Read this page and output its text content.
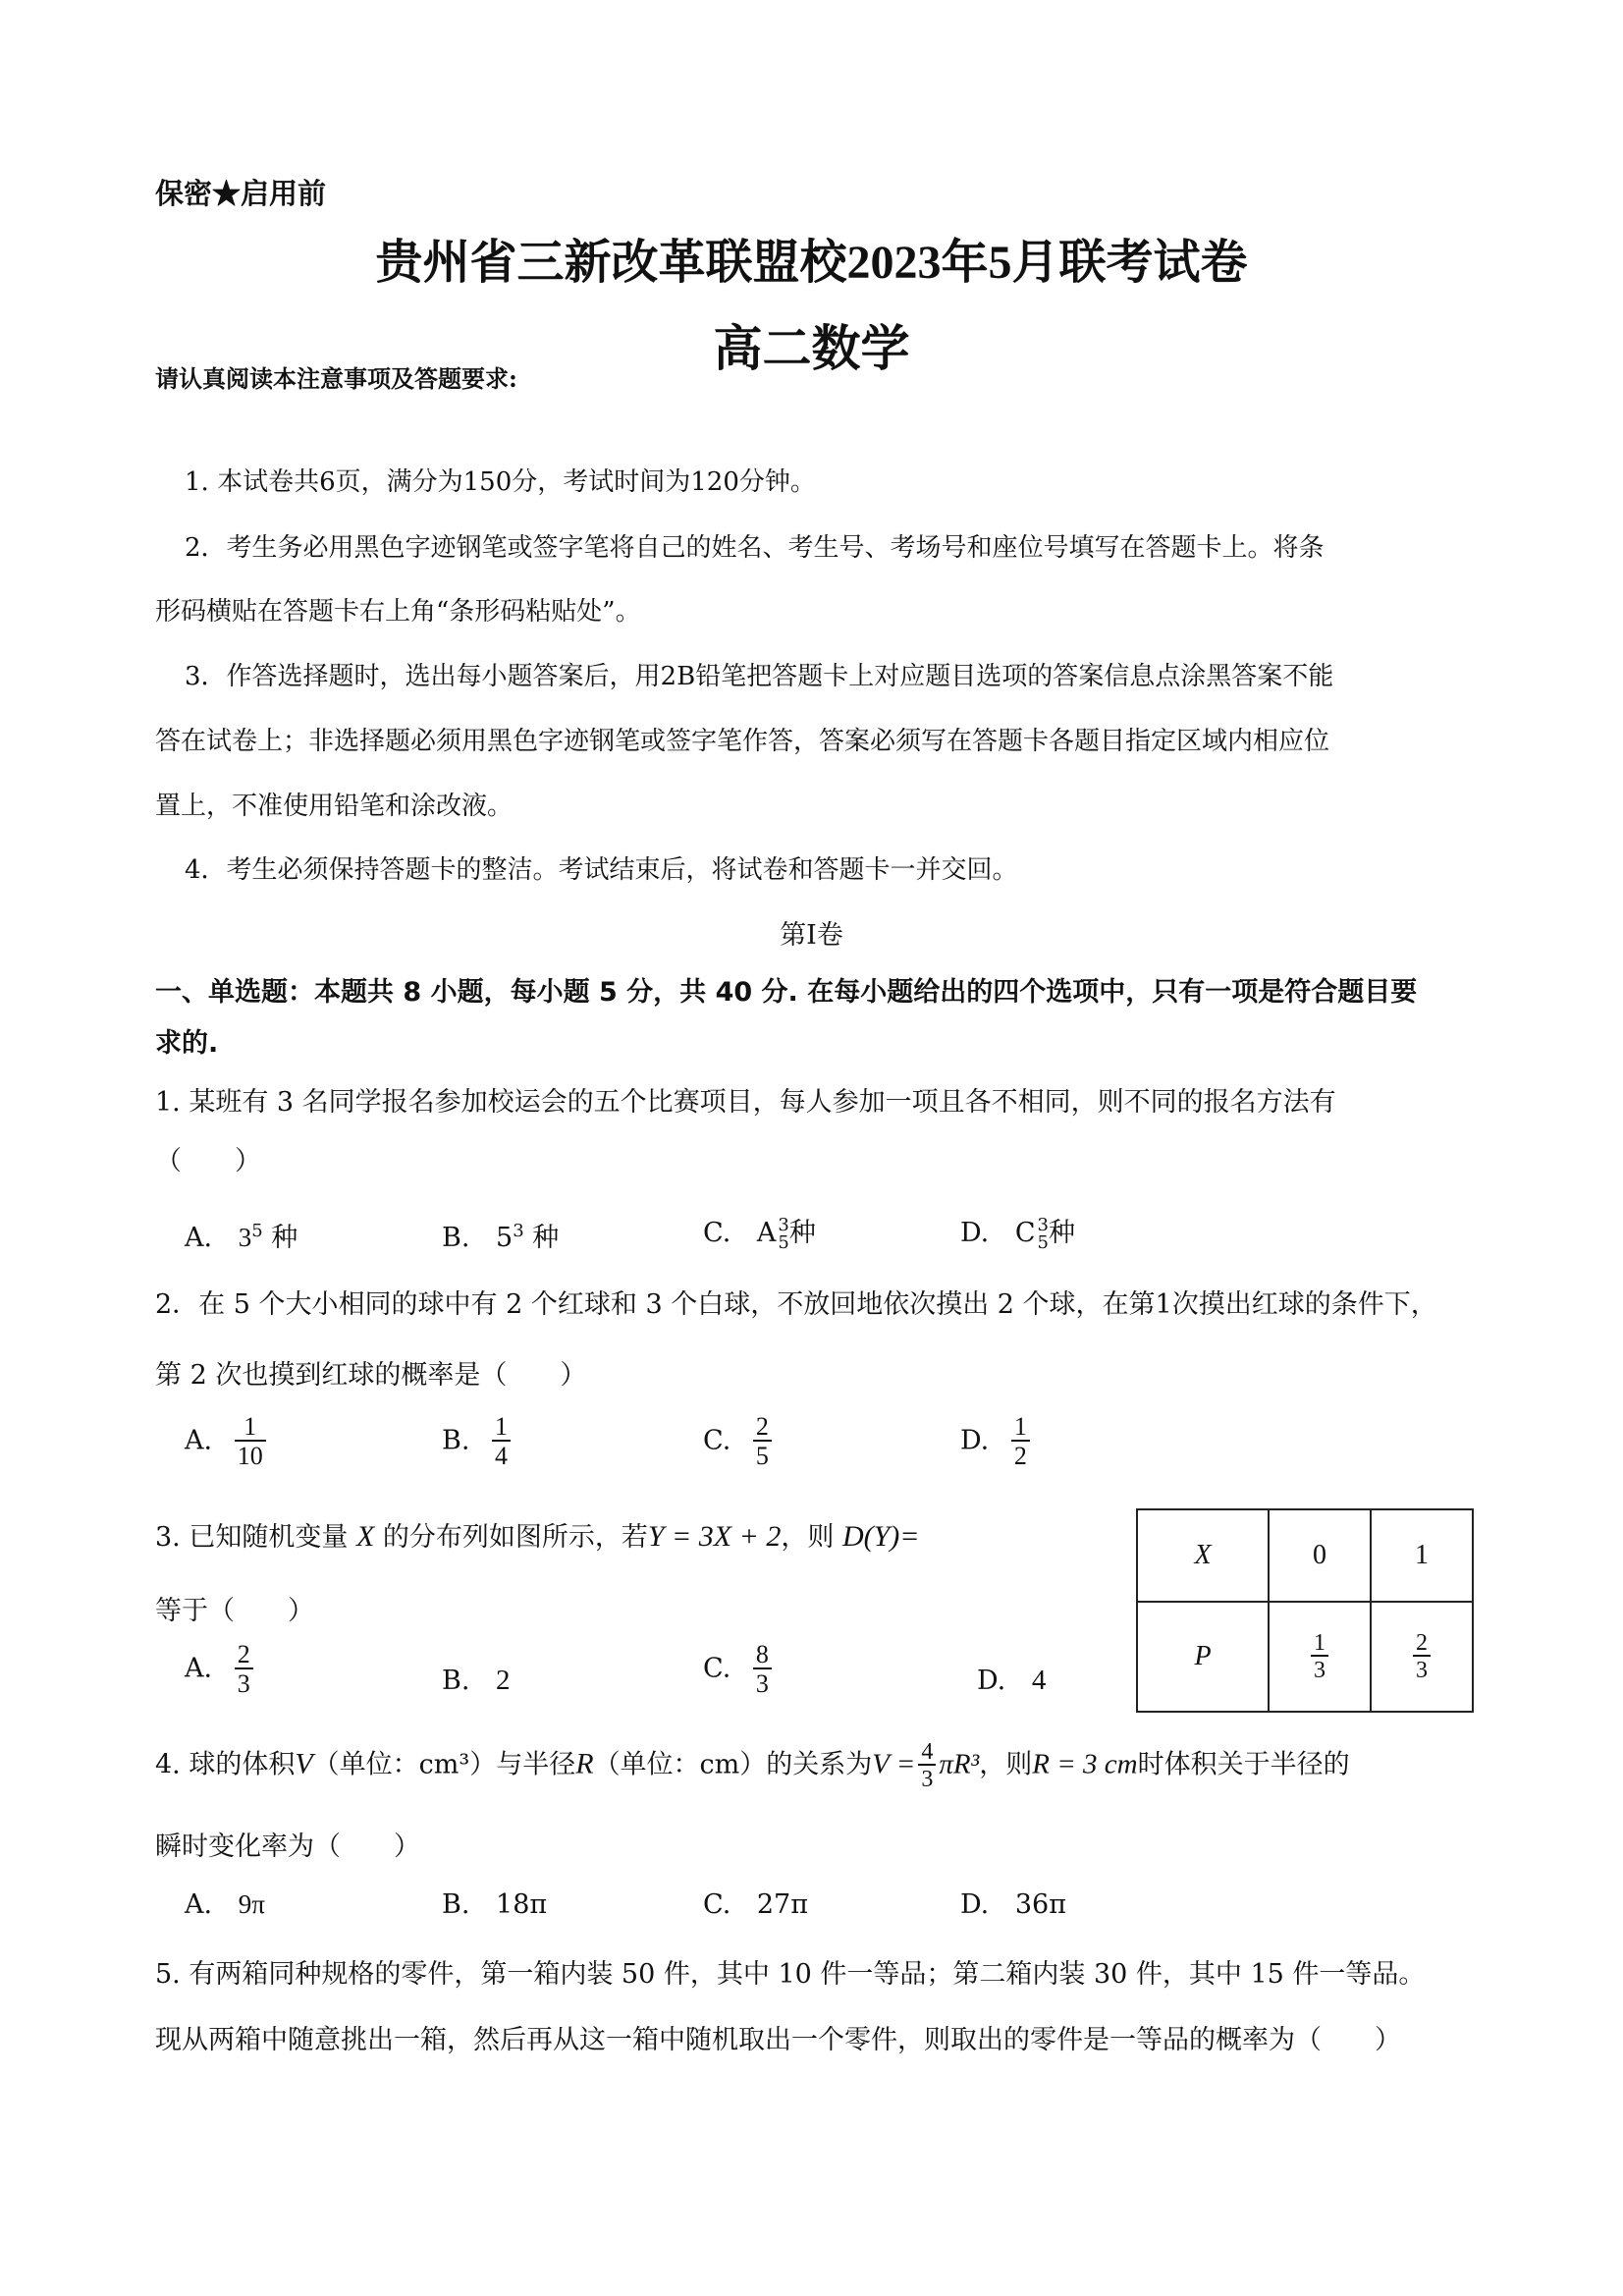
保密★启用前
贵州省三新改革联盟校2023年5月联考试卷
高二数学
请认真阅读本注意事项及答题要求:
1. 本试卷共6页，满分为150分，考试时间为120分钟。
2．考生务必用黑色字迹钢笔或签字笔将自己的姓名、考生号、考场号和座位号填写在答题卡上。将条
形码横贴在答题卡右上角“条形码粘贴处”。
3．作答选择题时，选出每小题答案后，用2B铅笔把答题卡上对应题目选项的答案信息点涂黑答案不能
答在试卷上；非选择题必须用黑色字迹钢笔或签字笔作答，答案必须写在答题卡各题目指定区域内相应位
置上，不准使用铅笔和涂改液。
4．考生必须保持答题卡的整洁。考试结束后，将试卷和答题卡一并交回。
第I卷
一、单选题：本题共 8 小题，每小题 5 分，共 40 分. 在每小题给出的四个选项中，只有一项是符合题目要
求的.
1. 某班有 3 名同学报名参加校运会的五个比赛项目，每人参加一项且各不相同，则不同的报名方法有
（　　）
A. $3^5$ 种	B. $5^3$ 种	C. A 3
5 种	D. C 3
5 种
2．在 5 个大小相同的球中有 2 个红球和 3 个白球，不放回地依次摸出 2 个球，在第1次摸出红球的条件下，
第 2 次也摸到红球的概率是（　　）
A. $\frac{1}{10}$	B. $\frac{1}{4}$	C. $\frac{2}{5}$	D. $\frac{1}{2}$
3. 已知随机变量 X 的分布列如图所示，若Y = 3X + 2，则 D(Y)=
等于（　　）
A. $\frac{2}{3}$	B. 2	C. $\frac{8}{3}$	D. 4
X	0	1
P	$\frac{1}{3}$	$\frac{2}{3}$
4. 球的体积V（单位：cm³）与半径R（单位：cm）的关系为$V = \frac{4}{3} \pi R^3$，则R = 3 cm时体积关于半径的
瞬时变化率为（　　）
A. 9π	B. 18π	C. 27π	D. 36π
5. 有两箱同种规格的零件，第一箱内装 50 件，其中 10 件一等品；第二箱内装 30 件，其中 15 件一等品。
现从两箱中随意挑出一箱，然后再从这一箱中随机取出一个零件，则取出的零件是一等品的概率为（　　）
